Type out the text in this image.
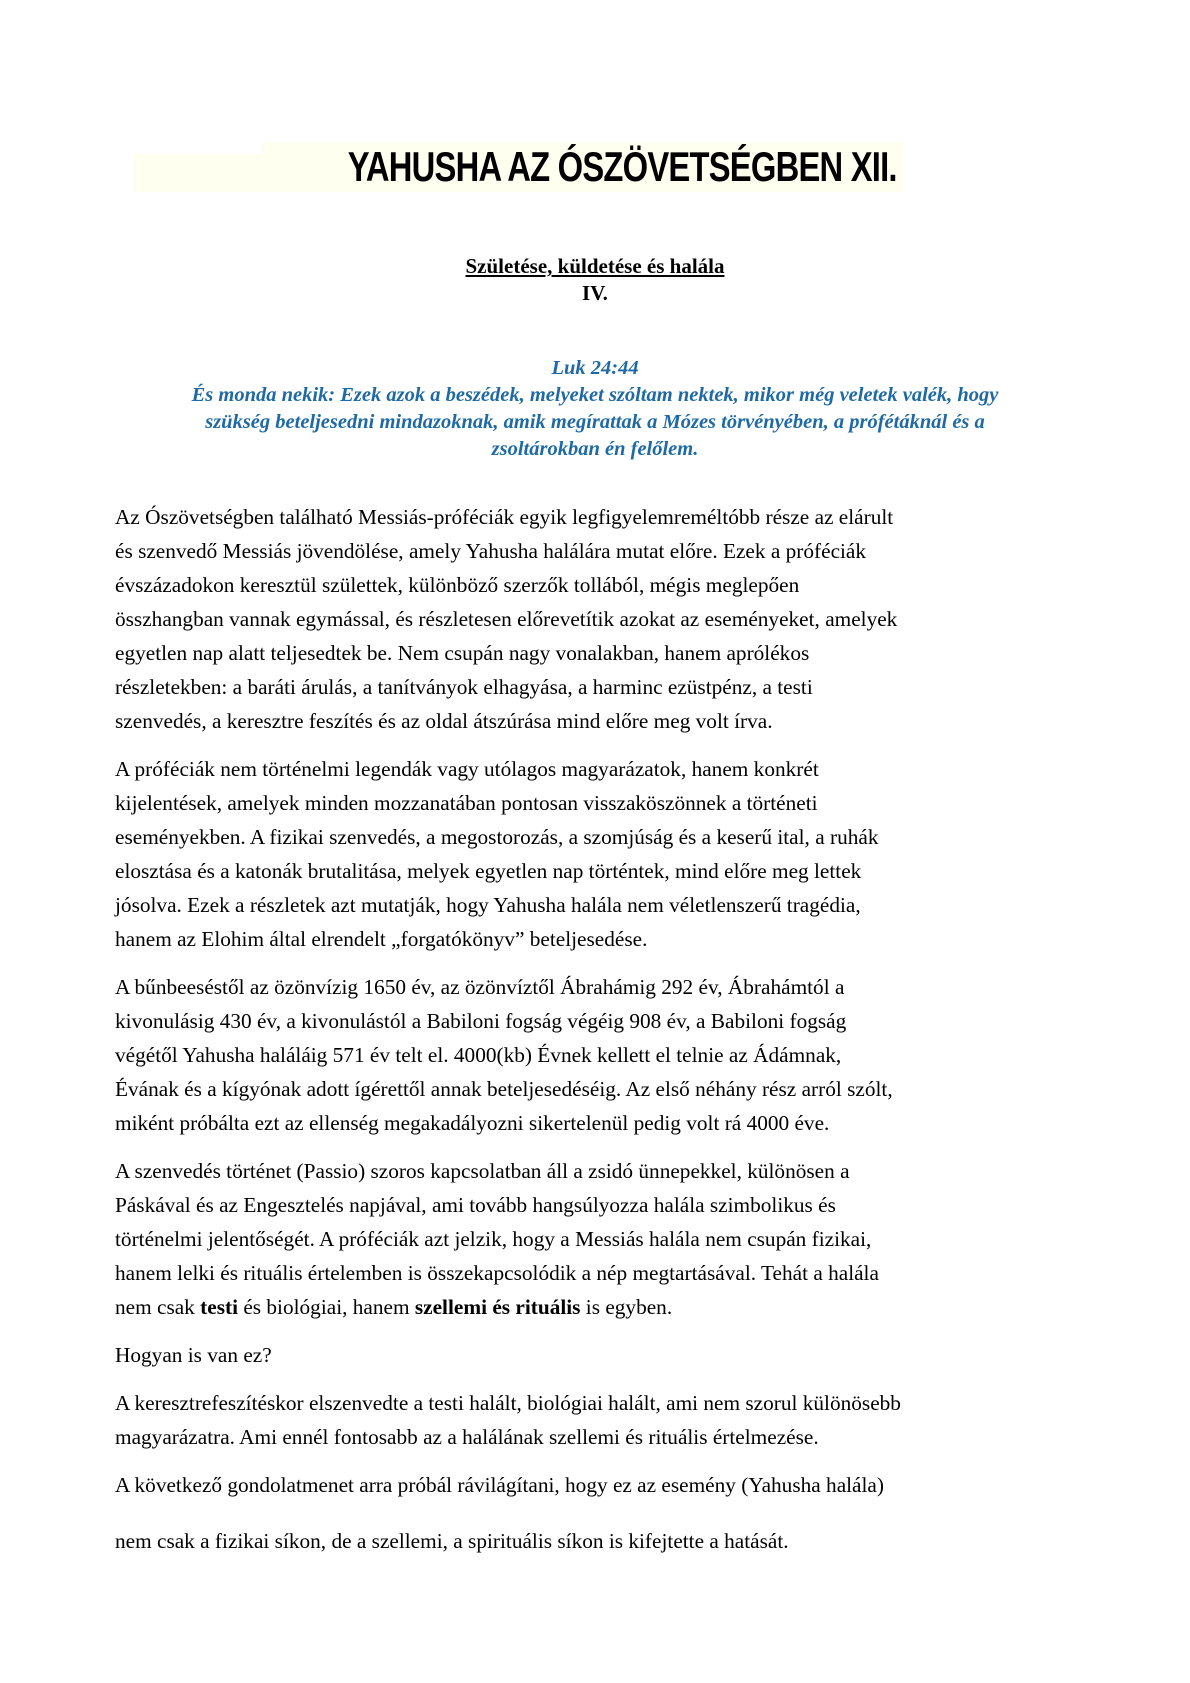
YAHUSHA AZ ÓSZÖVETSÉGBEN XII.
Születése, küldetése és halála
IV.
Luk 24:44
És monda nekik: Ezek azok a beszédek, melyeket szóltam nektek, mikor még veletek valék, hogy
szükség beteljesedni mindazoknak, amik megírattak a Mózes törvényében, a prófétáknál és a
zsoltárokban én felőlem.

Az Ószövetségben található Messiás-próféciák egyik legfigyelemreméltóbb része az elárult
és szenvedő Messiás jövendölése, amely Yahusha halálára mutat előre. Ezek a próféciák
évszázadokon keresztül születtek, különböző szerzők tollából, mégis meglepően
összhangban vannak egymással, és részletesen előrevetítik azokat az eseményeket, amelyek
egyetlen nap alatt teljesedtek be. Nem csupán nagy vonalakban, hanem aprólékos
részletekben: a baráti árulás, a tanítványok elhagyása, a harminc ezüstpénz, a testi
szenvedés, a keresztre feszítés és az oldal átszúrása mind előre meg volt írva.

A próféciák nem történelmi legendák vagy utólagos magyarázatok, hanem konkrét
kijelentések, amelyek minden mozzanatában pontosan visszaköszönnek a történeti
eseményekben. A fizikai szenvedés, a megostorozás, a szomjúság és a keserű ital, a ruhák
elosztása és a katonák brutalitása, melyek egyetlen nap történtek, mind előre meg lettek
jósolva. Ezek a részletek azt mutatják, hogy Yahusha halála nem véletlenszerű tragédia,
hanem az Elohim által elrendelt „forgatókönyv” beteljesedése.

A bűnbeeséstől az özönvízig 1650 év, az özönvíztől Ábrahámig 292 év, Ábrahámtól a
kivonulásig 430 év, a kivonulástól a Babiloni fogság végéig 908 év, a Babiloni fogság
végétől Yahusha haláláig 571 év telt el. 4000(kb) Évnek kellett el telnie az Ádámnak,
Évának és a kígyónak adott ígérettől annak beteljesedéséig. Az első néhány rész arról szólt,
miként próbálta ezt az ellenség megakadályozni sikertelenül pedig volt rá 4000 éve.

A szenvedés történet (Passio) szoros kapcsolatban áll a zsidó ünnepekkel, különösen a
Páskával és az Engesztelés napjával, ami tovább hangsúlyozza halála szimbolikus és
történelmi jelentőségét. A próféciák azt jelzik, hogy a Messiás halála nem csupán fizikai,
hanem lelki és rituális értelemben is összekapcsolódik a nép megtartásával. Tehát a halála
nem csak testi és biológiai, hanem szellemi és rituális is egyben.

Hogyan is van ez?

A keresztrefeszítéskor elszenvedte a testi halált, biológiai halált, ami nem szorul különösebb
magyarázatra. Ami ennél fontosabb az a halálának szellemi és rituális értelmezése.

A következő gondolatmenet arra próbál rávilágítani, hogy ez az esemény (Yahusha halála)

nem csak a fizikai síkon, de a szellemi, a spirituális síkon is kifejtette a hatását.
